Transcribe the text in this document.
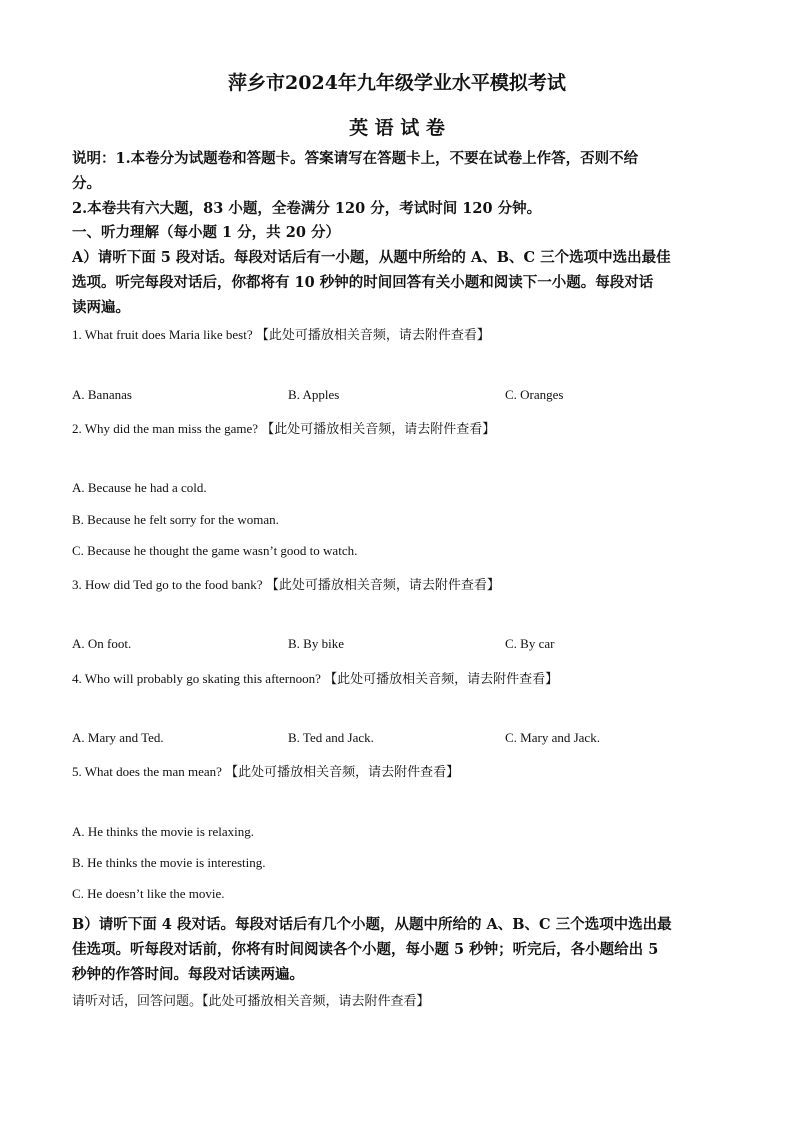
萍乡市2024年九年级学业水平模拟考试
英 语 试 卷
说明：1.本卷分为试题卷和答题卡。答案请写在答题卡上，不要在试卷上作答，否则不给
分。
2.本卷共有六大题，83 小题，全卷满分 120 分，考试时间 120 分钟。
一、听力理解（每小题 1 分，共 20 分）
A）请听下面 5 段对话。每段对话后有一小题，从题中所给的 A、B、C 三个选项中选出最佳
选项。听完每段对话后，你都将有 10 秒钟的时间回答有关小题和阅读下一小题。每段对话
读两遍。
1. What fruit does Maria like best? 【此处可播放相关音频，请去附件查看】
A. Bananas	B. Apples	C. Oranges
2. Why did the man miss the game? 【此处可播放相关音频，请去附件查看】
A. Because he had a cold.
B. Because he felt sorry for the woman.
C. Because he thought the game wasn’t good to watch.
3. How did Ted go to the food bank? 【此处可播放相关音频，请去附件查看】
A. On foot.	B. By bike	C. By car
4. Who will probably go skating this afternoon? 【此处可播放相关音频，请去附件查看】
A. Mary and Ted.	B. Ted and Jack.	C. Mary and Jack.
5. What does the man mean? 【此处可播放相关音频，请去附件查看】
A. He thinks the movie is relaxing.
B. He thinks the movie is interesting.
C. He doesn’t like the movie.
B）请听下面 4 段对话。每段对话后有几个小题，从题中所给的 A、B、C 三个选项中选出最
佳选项。听每段对话前，你将有时间阅读各个小题，每小题 5 秒钟；听完后，各小题给出 5
秒钟的作答时间。每段对话读两遍。
请听对话，回答问题。【此处可播放相关音频，请去附件查看】
